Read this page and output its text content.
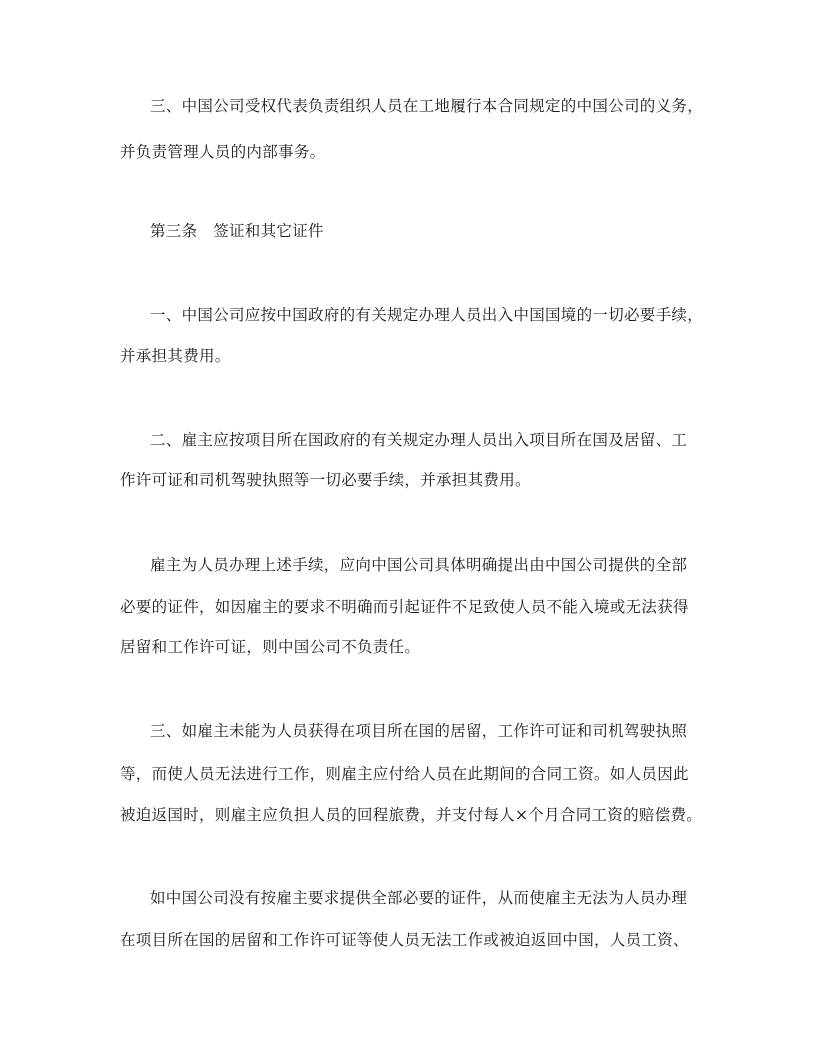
三、中国公司受权代表负责组织人员在工地履行本合同规定的中国公司的义务，
并负责管理人员的内部事务。
第三条　签证和其它证件
一、中国公司应按中国政府的有关规定办理人员出入中国国境的一切必要手续，
并承担其费用。
二、雇主应按项目所在国政府的有关规定办理人员出入项目所在国及居留、工
作许可证和司机驾驶执照等一切必要手续，并承担其费用。
雇主为人员办理上述手续，应向中国公司具体明确提出由中国公司提供的全部
必要的证件，如因雇主的要求不明确而引起证件不足致使人员不能入境或无法获得
居留和工作许可证，则中国公司不负责任。
三、如雇主未能为人员获得在项目所在国的居留，工作许可证和司机驾驶执照
等，而使人员无法进行工作，则雇主应付给人员在此期间的合同工资。如人员因此
被迫返国时，则雇主应负担人员的回程旅费，并支付每人×个月合同工资的赔偿费。
如中国公司没有按雇主要求提供全部必要的证件，从而使雇主无法为人员办理
在项目所在国的居留和工作许可证等使人员无法工作或被迫返回中国，人员工资、
